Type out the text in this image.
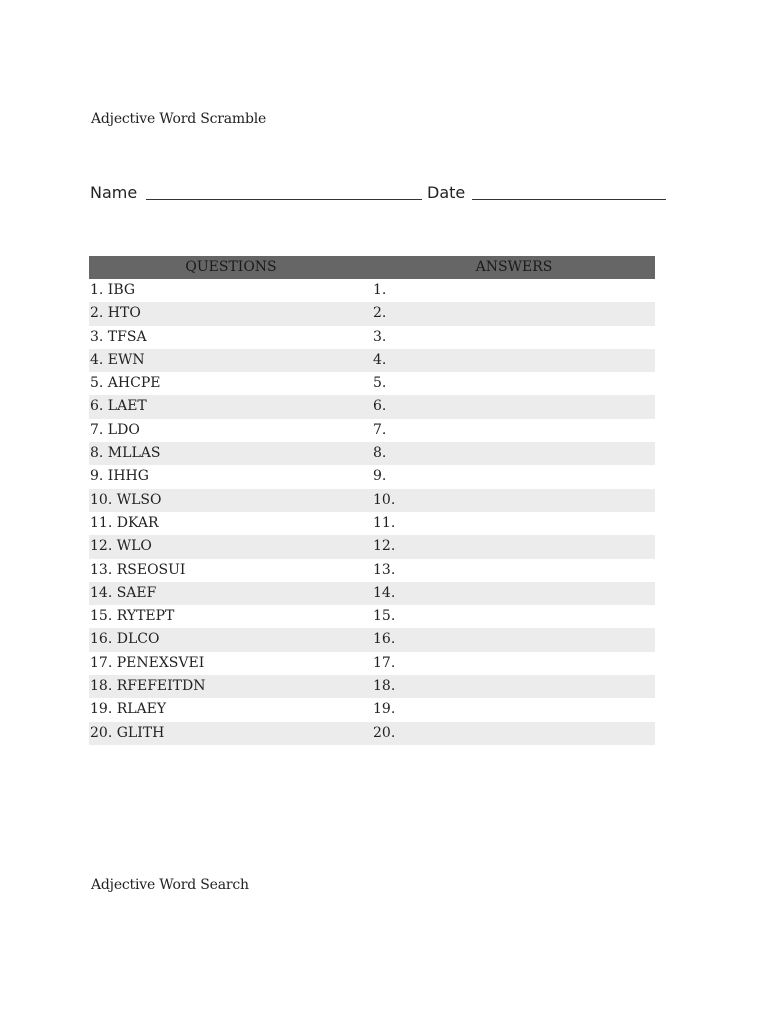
Adjective Word Scramble
Name	Date
QUESTIONS	ANSWERS
1. IBG	1.
2. HTO	2.
3. TFSA	3.
4. EWN	4.
5. AHCPE	5.
6. LAET	6.
7. LDO	7.
8. MLLAS	8.
9. IHHG	9.
10. WLSO	10.
11. DKAR	11.
12. WLO	12.
13. RSEOSUI	13.
14. SAEF	14.
15. RYTEPT	15.
16. DLCO	16.
17. PENEXSVEI	17.
18. RFEFEITDN	18.
19. RLAEY	19.
20. GLITH	20.
Adjective Word Search
